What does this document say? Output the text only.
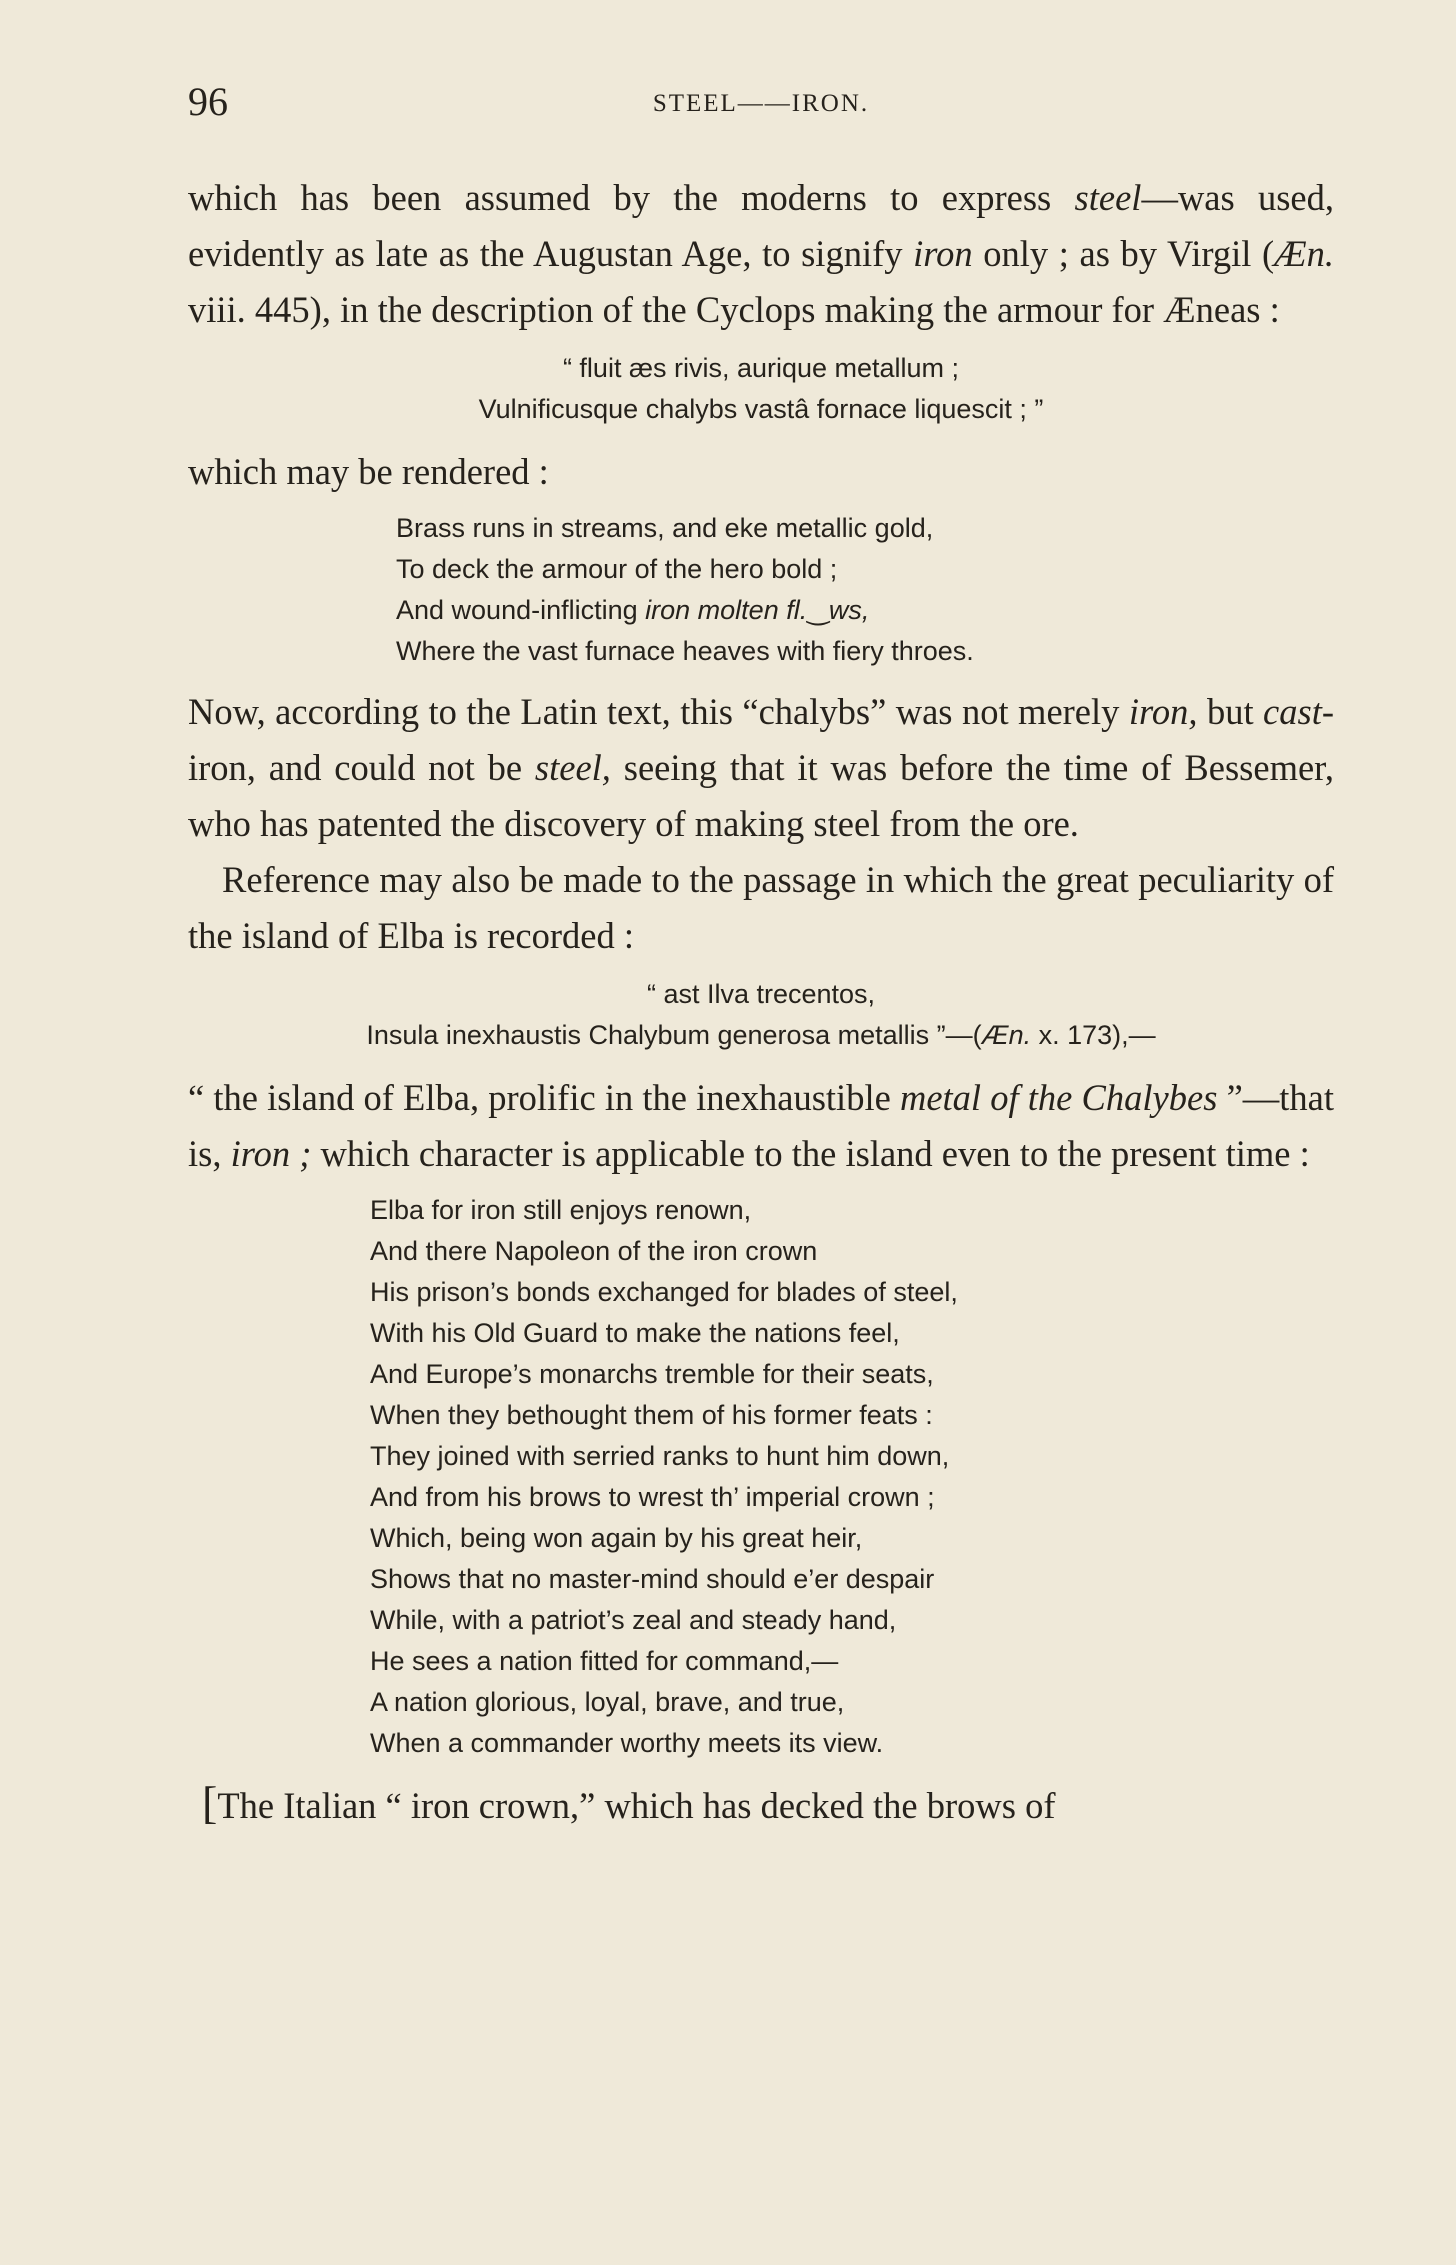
96	STEEL——IRON.

which has been assumed by the moderns to express steel—was used, evidently as late as the Augustan Age, to signify iron only ; as by Virgil (Æn. viii. 445), in the description of the Cyclops making the armour for Æneas :

“ fluit æs rivis, aurique metallum ;
Vulnificusque chalybs vastâ fornace liquescit ; ”

which may be rendered :

Brass runs in streams, and eke metallic gold,
To deck the armour of the hero bold ;
And wound-inflicting iron molten fl.‿ws,
Where the vast furnace heaves with fiery throes.

Now, according to the Latin text, this “chalybs” was not merely iron, but cast-iron, and could not be steel, seeing that it was before the time of Bessemer, who has patented the discovery of making steel from the ore.

Reference may also be made to the passage in which the great peculiarity of the island of Elba is recorded :

“ ast Ilva trecentos,
Insula inexhaustis Chalybum generosa metallis ”—(Æn. x. 173),—

“ the island of Elba, prolific in the inexhaustible metal of the Chalybes ”—that is, iron ; which character is applicable to the island even to the present time :

Elba for iron still enjoys renown,
And there Napoleon of the iron crown
His prison’s bonds exchanged for blades of steel,
With his Old Guard to make the nations feel,
And Europe’s monarchs tremble for their seats,
When they bethought them of his former feats :
They joined with serried ranks to hunt him down,
And from his brows to wrest th’ imperial crown ;
Which, being won again by his great heir,
Shows that no master-mind should e’er despair
While, with a patriot’s zeal and steady hand,
He sees a nation fitted for command,—
A nation glorious, loyal, brave, and true,
When a commander worthy meets its view.

[The Italian “ iron crown,” which has decked the brows of
